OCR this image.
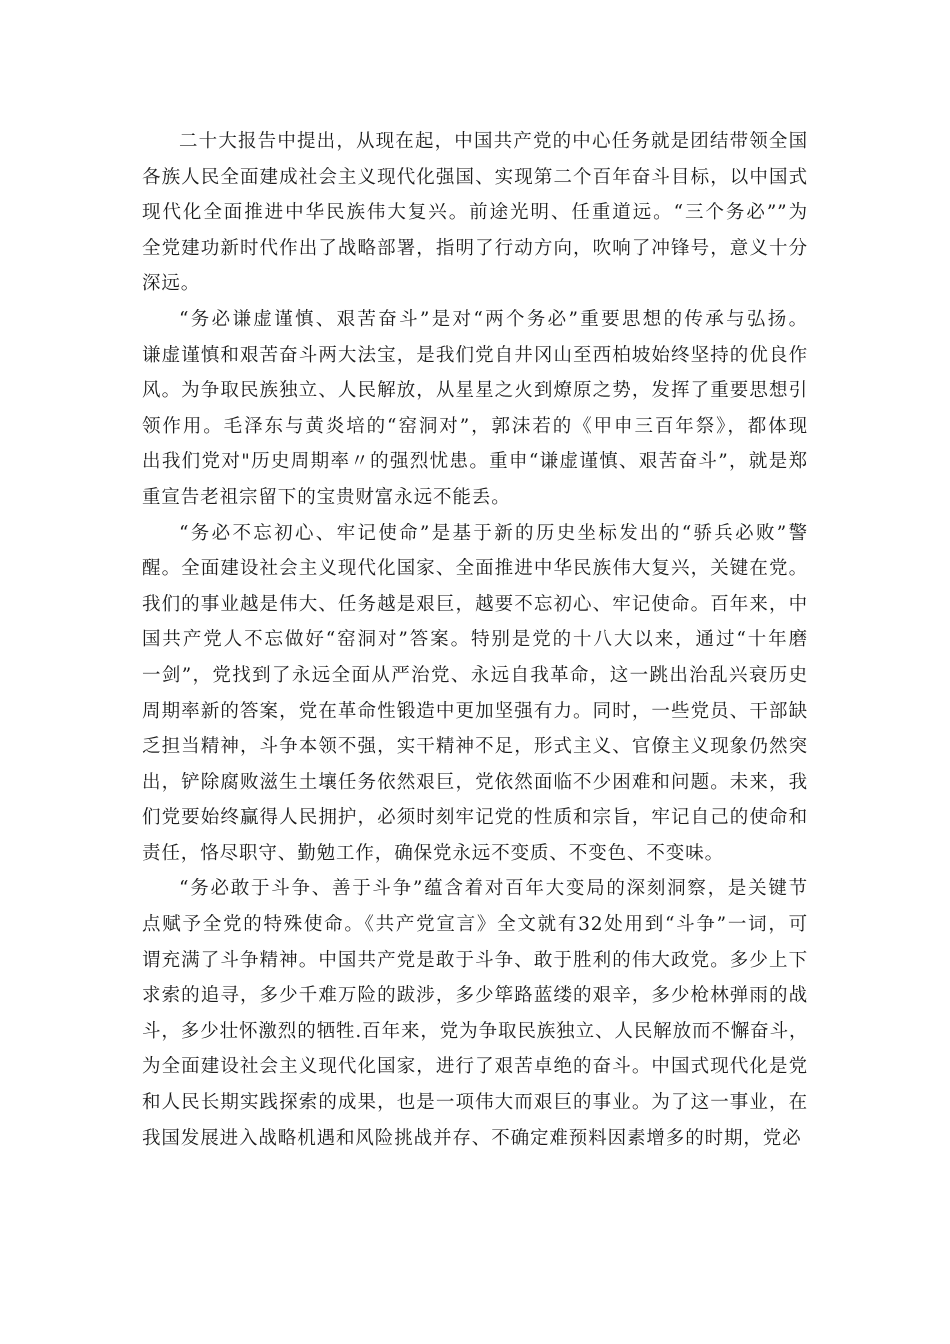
二十大报告中提出，从现在起，中国共产党的中心任务就是团结带领全国
各族人民全面建成社会主义现代化强国、实现第二个百年奋斗目标，以中国式
现代化全面推进中华民族伟大复兴。前途光明、任重道远。“三个务必””为
全党建功新时代作出了战略部署，指明了行动方向，吹响了冲锋号，意义十分
深远。
“务必谦虚谨慎、艰苦奋斗”是对“两个务必”重要思想的传承与弘扬。
谦虚谨慎和艰苦奋斗两大法宝，是我们党自井冈山至西柏坡始终坚持的优良作
风。为争取民族独立、人民解放，从星星之火到燎原之势，发挥了重要思想引
领作用。毛泽东与黄炎培的“窑洞对”，郭沫若的《甲申三百年祭》，都体现
出我们党对"历史周期率〃的强烈忧患。重申“谦虚谨慎、艰苦奋斗”，就是郑
重宣告老祖宗留下的宝贵财富永远不能丢。
“务必不忘初心、牢记使命”是基于新的历史坐标发出的“骄兵必败”警
醒。全面建设社会主义现代化国家、全面推进中华民族伟大复兴，关键在党。
我们的事业越是伟大、任务越是艰巨，越要不忘初心、牢记使命。百年来，中
国共产党人不忘做好“窑洞对”答案。特别是党的十八大以来，通过“十年磨
一剑”，党找到了永远全面从严治党、永远自我革命，这一跳出治乱兴衰历史
周期率新的答案，党在革命性锻造中更加坚强有力。同时，一些党员、干部缺
乏担当精神，斗争本领不强，实干精神不足，形式主义、官僚主义现象仍然突
出，铲除腐败滋生土壤任务依然艰巨，党依然面临不少困难和问题。未来，我
们党要始终赢得人民拥护，必须时刻牢记党的性质和宗旨，牢记自己的使命和
责任，恪尽职守、勤勉工作，确保党永远不变质、不变色、不变味。
“务必敢于斗争、善于斗争”蕴含着对百年大变局的深刻洞察，是关键节
点赋予全党的特殊使命。《共产党宣言》全文就有32处用到“斗争”一词，可
谓充满了斗争精神。中国共产党是敢于斗争、敢于胜利的伟大政党。多少上下
求索的追寻，多少千难万险的跋涉，多少筚路蓝缕的艰辛，多少枪林弹雨的战
斗，多少壮怀激烈的牺牲.百年来，党为争取民族独立、人民解放而不懈奋斗，
为全面建设社会主义现代化国家，进行了艰苦卓绝的奋斗。中国式现代化是党
和人民长期实践探索的成果，也是一项伟大而艰巨的事业。为了这一事业，在
我国发展进入战略机遇和风险挑战并存、不确定难预料因素增多的时期，党必
